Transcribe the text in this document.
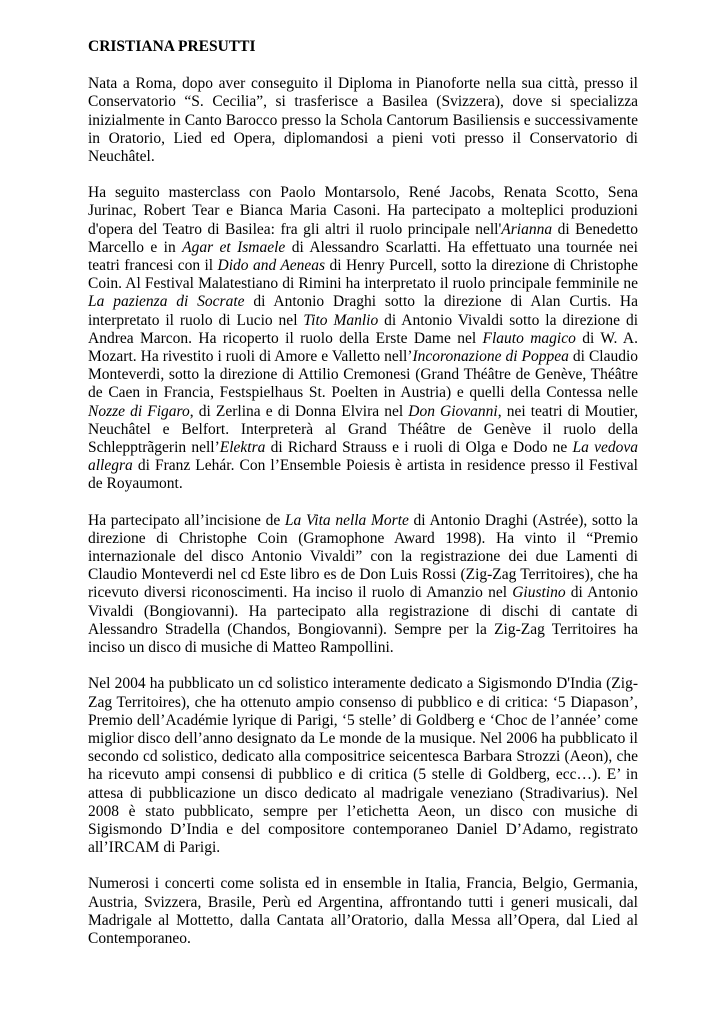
CRISTIANA PRESUTTI

Nata a Roma, dopo aver conseguito il Diploma in Pianoforte nella sua città, presso il Conservatorio “S. Cecilia”, si trasferisce a Basilea (Svizzera), dove si specializza inizialmente in Canto Barocco presso la Schola Cantorum Basiliensis e successivamente in Oratorio, Lied ed Opera, diplomandosi a pieni voti presso il Conservatorio di Neuchâtel.

Ha seguito masterclass con Paolo Montarsolo, René Jacobs, Renata Scotto, Sena Jurinac, Robert Tear e Bianca Maria Casoni. Ha partecipato a molteplici produzioni d'opera del Teatro di Basilea: fra gli altri il ruolo principale nell'Arianna di Benedetto Marcello e in Agar et Ismaele di Alessandro Scarlatti. Ha effettuato una tournée nei teatri francesi con il Dido and Aeneas di Henry Purcell, sotto la direzione di Christophe Coin. Al Festival Malatestiano di Rimini ha interpretato il ruolo principale femminile ne La pazienza di Socrate di Antonio Draghi sotto la direzione di Alan Curtis. Ha interpretato il ruolo di Lucio nel Tito Manlio di Antonio Vivaldi sotto la direzione di Andrea Marcon. Ha ricoperto il ruolo della Erste Dame nel Flauto magico di W. A. Mozart. Ha rivestito i ruoli di Amore e Valletto nell’Incoronazione di Poppea di Claudio Monteverdi, sotto la direzione di Attilio Cremonesi (Grand Théâtre de Genève, Théâtre de Caen in Francia, Festspielhaus St. Poelten in Austria) e quelli della Contessa nelle Nozze di Figaro, di Zerlina e di Donna Elvira nel Don Giovanni, nei teatri di Moutier, Neuchâtel e Belfort. Interpreterà al Grand Théâtre de Genève il ruolo della Schlepptrãgerin nell’Elektra di Richard Strauss e i ruoli di Olga e Dodo ne La vedova allegra di Franz Lehár. Con l’Ensemble Poiesis è artista in residence presso il Festival de Royaumont.

Ha partecipato all’incisione de La Vita nella Morte di Antonio Draghi (Astrée), sotto la direzione di Christophe Coin (Gramophone Award 1998). Ha vinto il “Premio internazionale del disco Antonio Vivaldi” con la registrazione dei due Lamenti di Claudio Monteverdi nel cd Este libro es de Don Luis Rossi (Zig-Zag Territoires), che ha ricevuto diversi riconoscimenti. Ha inciso il ruolo di Amanzio nel Giustino di Antonio Vivaldi (Bongiovanni). Ha partecipato alla registrazione di dischi di cantate di Alessandro Stradella (Chandos, Bongiovanni). Sempre per la Zig-Zag Territoires ha inciso un disco di musiche di Matteo Rampollini.

Nel 2004 ha pubblicato un cd solistico interamente dedicato a Sigismondo D'India (Zig-Zag Territoires), che ha ottenuto ampio consenso di pubblico e di critica: ‘5 Diapason’, Premio dell’Académie lyrique di Parigi, ‘5 stelle’ di Goldberg e ‘Choc de l’année’ come miglior disco dell’anno designato da Le monde de la musique. Nel 2006 ha pubblicato il secondo cd solistico, dedicato alla compositrice seicentesca Barbara Strozzi (Aeon), che ha ricevuto ampi consensi di pubblico e di critica (5 stelle di Goldberg, ecc…). E’ in attesa di pubblicazione un disco dedicato al madrigale veneziano (Stradivarius). Nel 2008 è stato pubblicato, sempre per l’etichetta Aeon, un disco con musiche di Sigismondo D’India e del compositore contemporaneo Daniel D’Adamo, registrato all’IRCAM di Parigi.

Numerosi i concerti come solista ed in ensemble in Italia, Francia, Belgio, Germania, Austria, Svizzera, Brasile, Perù ed Argentina, affrontando tutti i generi musicali, dal Madrigale al Mottetto, dalla Cantata all’Oratorio, dalla Messa all’Opera, dal Lied al Contemporaneo.
